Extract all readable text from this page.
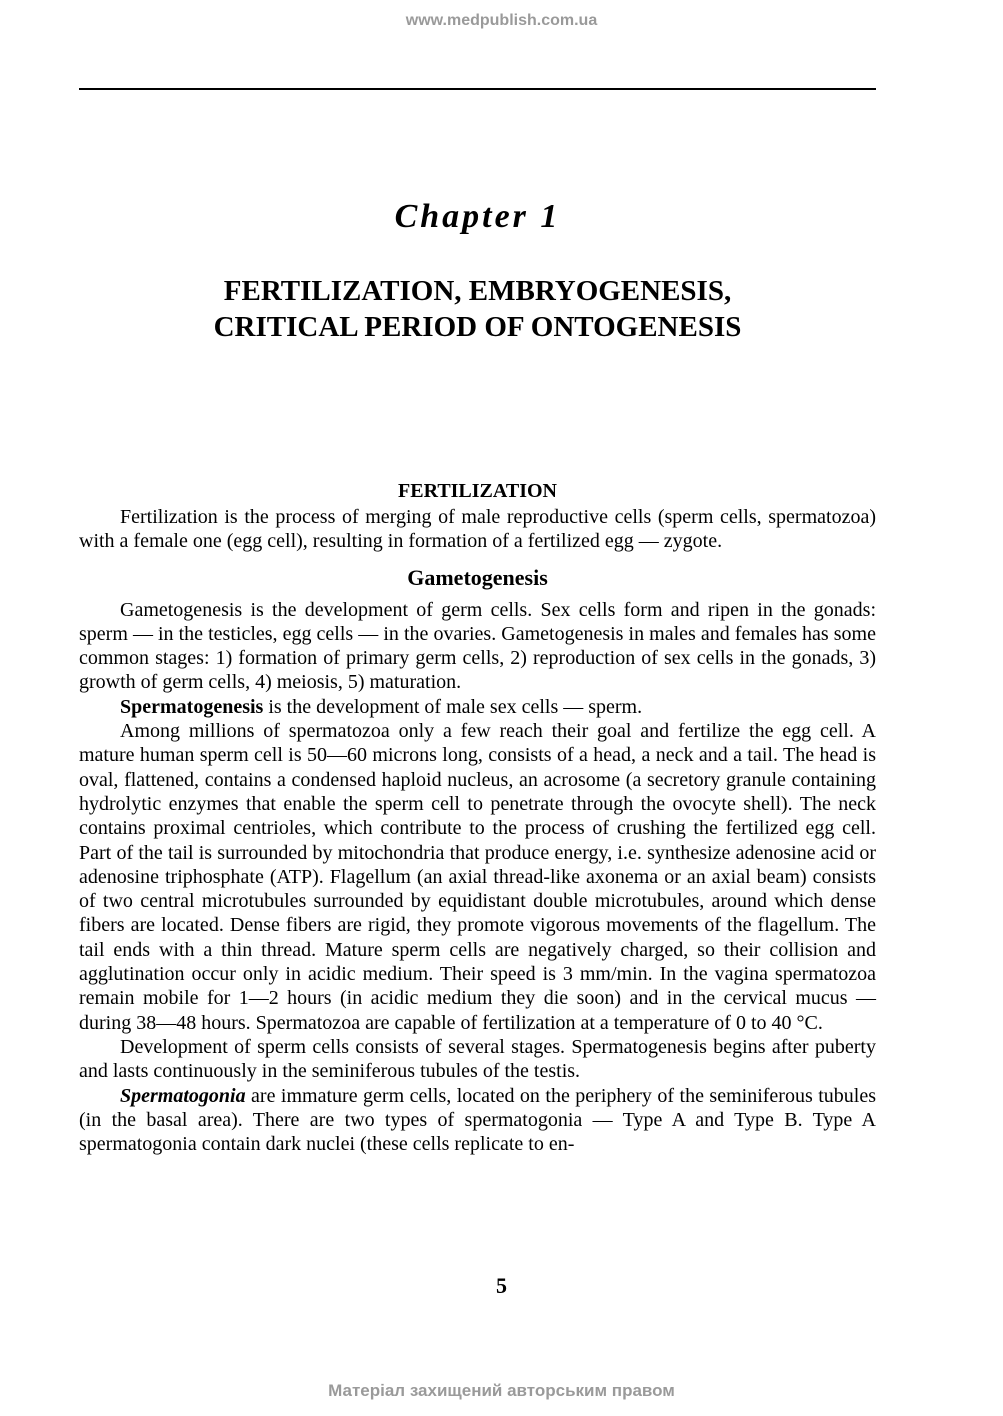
www.medpublish.com.ua
Chapter 1
FERTILIZATION, EMBRYOGENESIS,
CRITICAL PERIOD OF ONTOGENESIS
FERTILIZATION

Fertilization is the process of merging of male reproductive cells (sperm cells, spermatozoa) with a female one (egg cell), resulting in formation of a fertilized egg — zygote.

Gametogenesis

Gametogenesis is the development of germ cells. Sex cells form and ripen in the gonads: sperm — in the testicles, egg cells — in the ovaries. Gametogenesis in males and females has some common stages: 1) formation of primary germ cells, 2) reproduction of sex cells in the gonads, 3) growth of germ cells, 4) meiosis, 5) maturation.

Spermatogenesis is the development of male sex cells — sperm.

Among millions of spermatozoa only a few reach their goal and fertilize the egg cell. A mature human sperm cell is 50—60 microns long, consists of a head, a neck and a tail. The head is oval, flattened, contains a condensed haploid nucleus, an acrosome (a secretory granule containing hydrolytic enzymes that enable the sperm cell to penetrate through the ovocyte shell). The neck contains proximal centrioles, which contribute to the process of crushing the fertilized egg cell. Part of the tail is surrounded by mitochondria that produce energy, i.e. synthesize adenosine acid or adenosine triphosphate (ATP). Flagellum (an axial thread-like axonema or an axial beam) consists of two central microtubules surrounded by equidistant double microtubules, around which dense fibers are located. Dense fibers are rigid, they promote vigorous movements of the flagellum. The tail ends with a thin thread. Mature sperm cells are negatively charged, so their collision and agglutination occur only in acidic medium. Their speed is 3 mm/min. In the vagina spermatozoa remain mobile for 1—2 hours (in acidic medium they die soon) and in the cervical mucus — during 38—48 hours. Spermatozoa are capable of fertilization at a temperature of 0 to 40 °C.

Development of sperm cells consists of several stages. Spermatogenesis begins after puberty and lasts continuously in the seminiferous tubules of the testis.

Spermatogonia are immature germ cells, located on the periphery of the seminiferous tubules (in the basal area). There are two types of spermatogonia — Type A and Type B. Type A spermatogonia contain dark nuclei (these cells replicate to en-

5
Матеріал захищений авторським правом
